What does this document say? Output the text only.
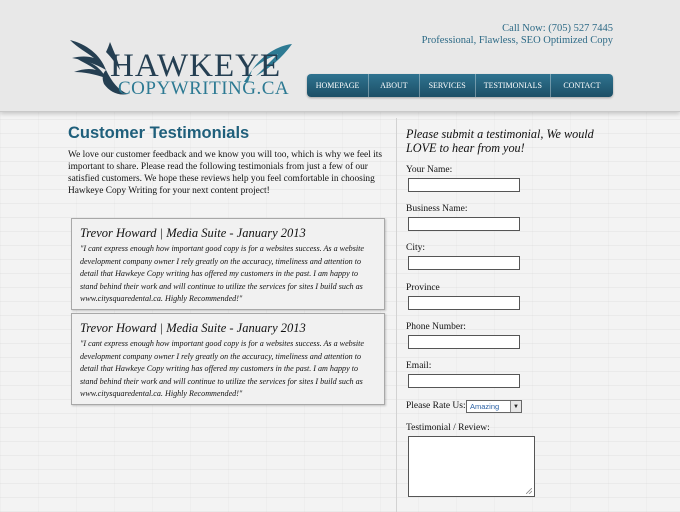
HAWKEYE
COPYWRITING.CA
Call Now: (705) 527 7445
Professional, Flawless, SEO Optimized Copy
HOMEPAGE	ABOUT	SERVICES	TESTIMONIALS	CONTACT
Customer Testimonials

We love our customer feedback and we know you will too, which is why we feel its important to share. Please read the following testimonials from just a few of our satisfied customers. We hope these reviews help you feel comfortable in choosing Hawkeye Copy Writing for your next content project!

Trevor Howard | Media Suite - January 2013

"I cant express enough how important good copy is for a websites success. As a website development company owner I rely greatly on the accuracy, timeliness and attention to detail that Hawkeye Copy writing has offered my customers in the past. I am happy to stand behind their work and will continue to utilize the services for sites I build such as www.citysquaredental.ca. Highly Recommended!"

Trevor Howard | Media Suite - January 2013

"I cant express enough how important good copy is for a websites success. As a website development company owner I rely greatly on the accuracy, timeliness and attention to detail that Hawkeye Copy writing has offered my customers in the past. I am happy to stand behind their work and will continue to utilize the services for sites I build such as www.citysquaredental.ca. Highly Recommended!"

Please submit a testimonial, We would LOVE to hear from you!

Your Name:
Business Name:
City:
Province
Phone Number:
Email:
Please Rate Us: Amazing	▼
Testimonial / Review:
